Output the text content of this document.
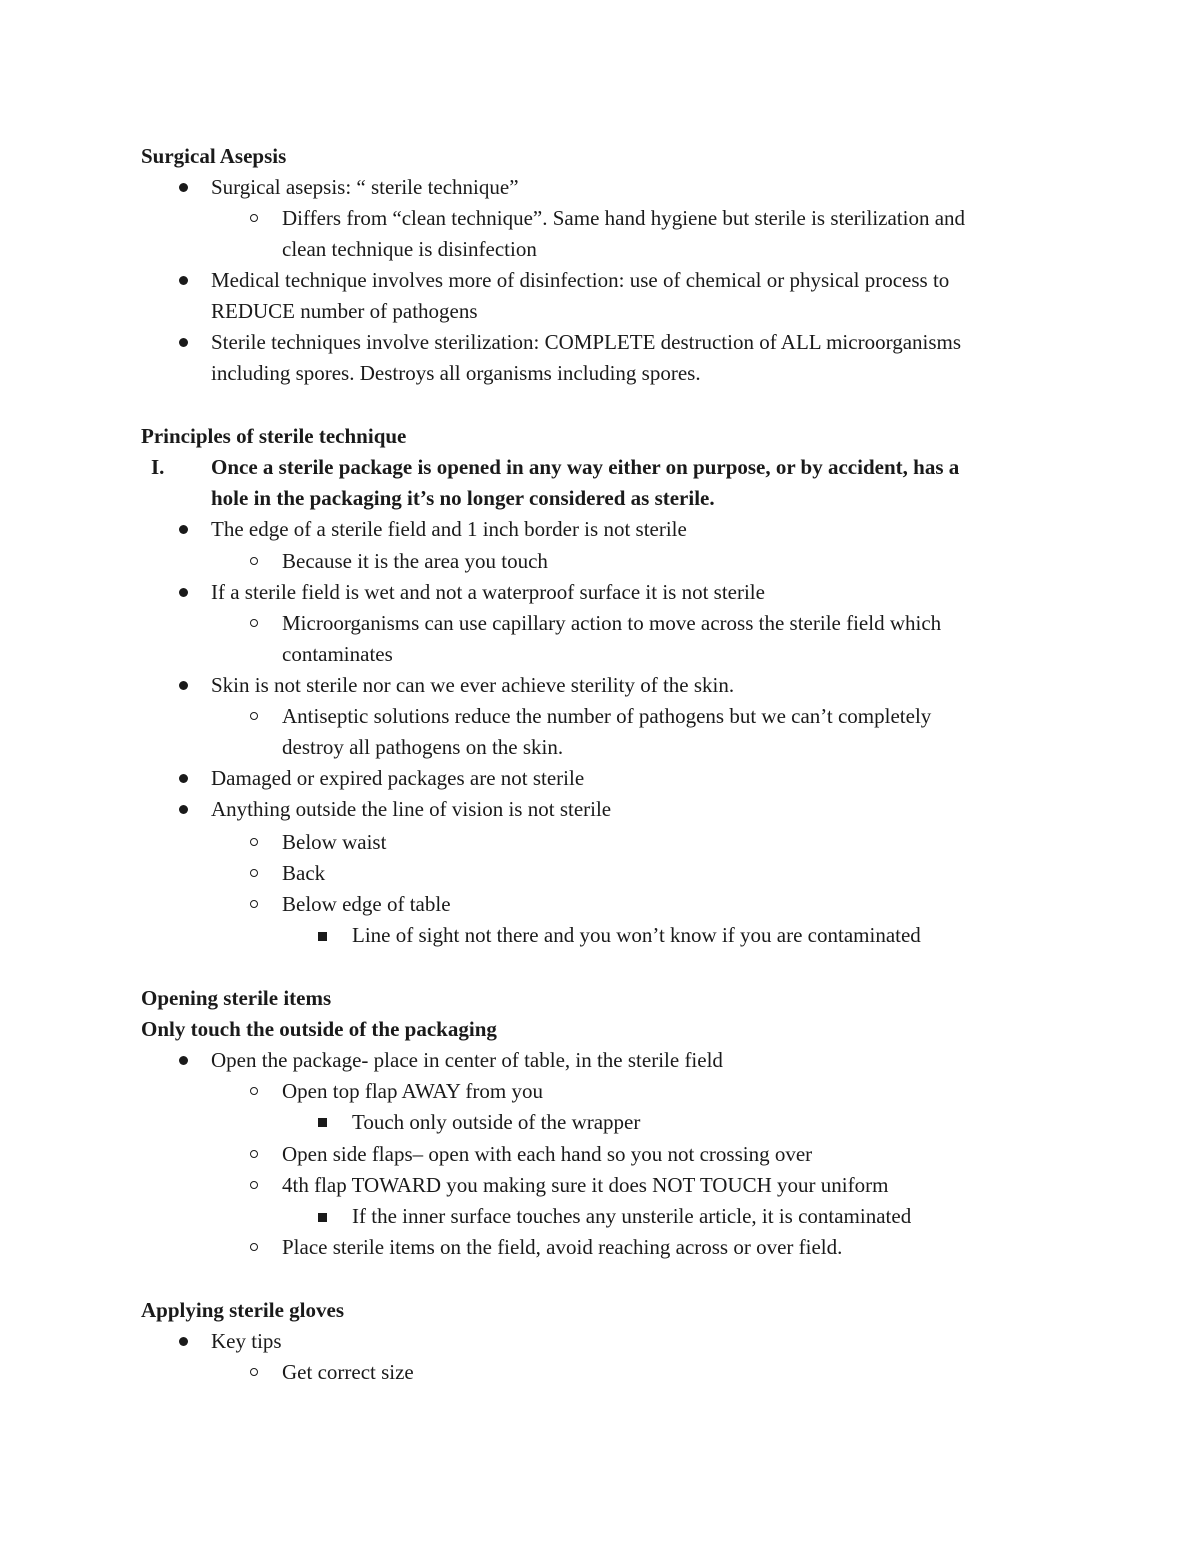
Surgical Asepsis
Surgical asepsis: “ sterile technique”
Differs from “clean technique”. Same hand hygiene but sterile is sterilization and
clean technique is disinfection
Medical technique involves more of disinfection: use of chemical or physical process to
REDUCE number of pathogens
Sterile techniques involve sterilization: COMPLETE destruction of ALL microorganisms
including spores. Destroys all organisms including spores.
Principles of sterile technique
I. Once a sterile package is opened in any way either on purpose, or by accident, has a
hole in the packaging it’s no longer considered as sterile.
The edge of a sterile field and 1 inch border is not sterile
Because it is the area you touch
If a sterile field is wet and not a waterproof surface it is not sterile
Microorganisms can use capillary action to move across the sterile field which
contaminates
Skin is not sterile nor can we ever achieve sterility of the skin.
Antiseptic solutions reduce the number of pathogens but we can’t completely
destroy all pathogens on the skin.
Damaged or expired packages are not sterile
Anything outside the line of vision is not sterile
Below waist
Back
Below edge of table
Line of sight not there and you won’t know if you are contaminated
Opening sterile items
Only touch the outside of the packaging
Open the package- place in center of table, in the sterile field
Open top flap AWAY from you
Touch only outside of the wrapper
Open side flaps– open with each hand so you not crossing over
4th flap TOWARD you making sure it does NOT TOUCH your uniform
If the inner surface touches any unsterile article, it is contaminated
Place sterile items on the field, avoid reaching across or over field.
Applying sterile gloves
Key tips
Get correct size
